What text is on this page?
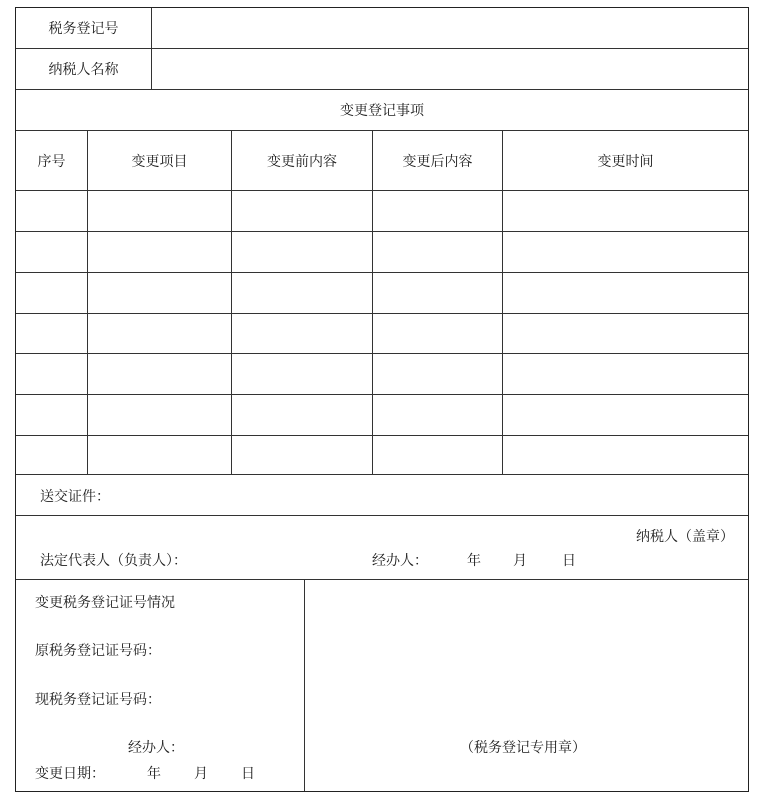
税务登记号
纳税人名称
变更登记事项
序号	变更项目	变更前内容	变更后内容	变更时间
送交证件：
纳税人（盖章）
法定代表人（负责人）：	经办人：	年 月	日
变更税务登记证号情况
原税务登记证号码：
现税务登记证号码：
经办人：
变更日期：	年 月 日
（税务登记专用章）
